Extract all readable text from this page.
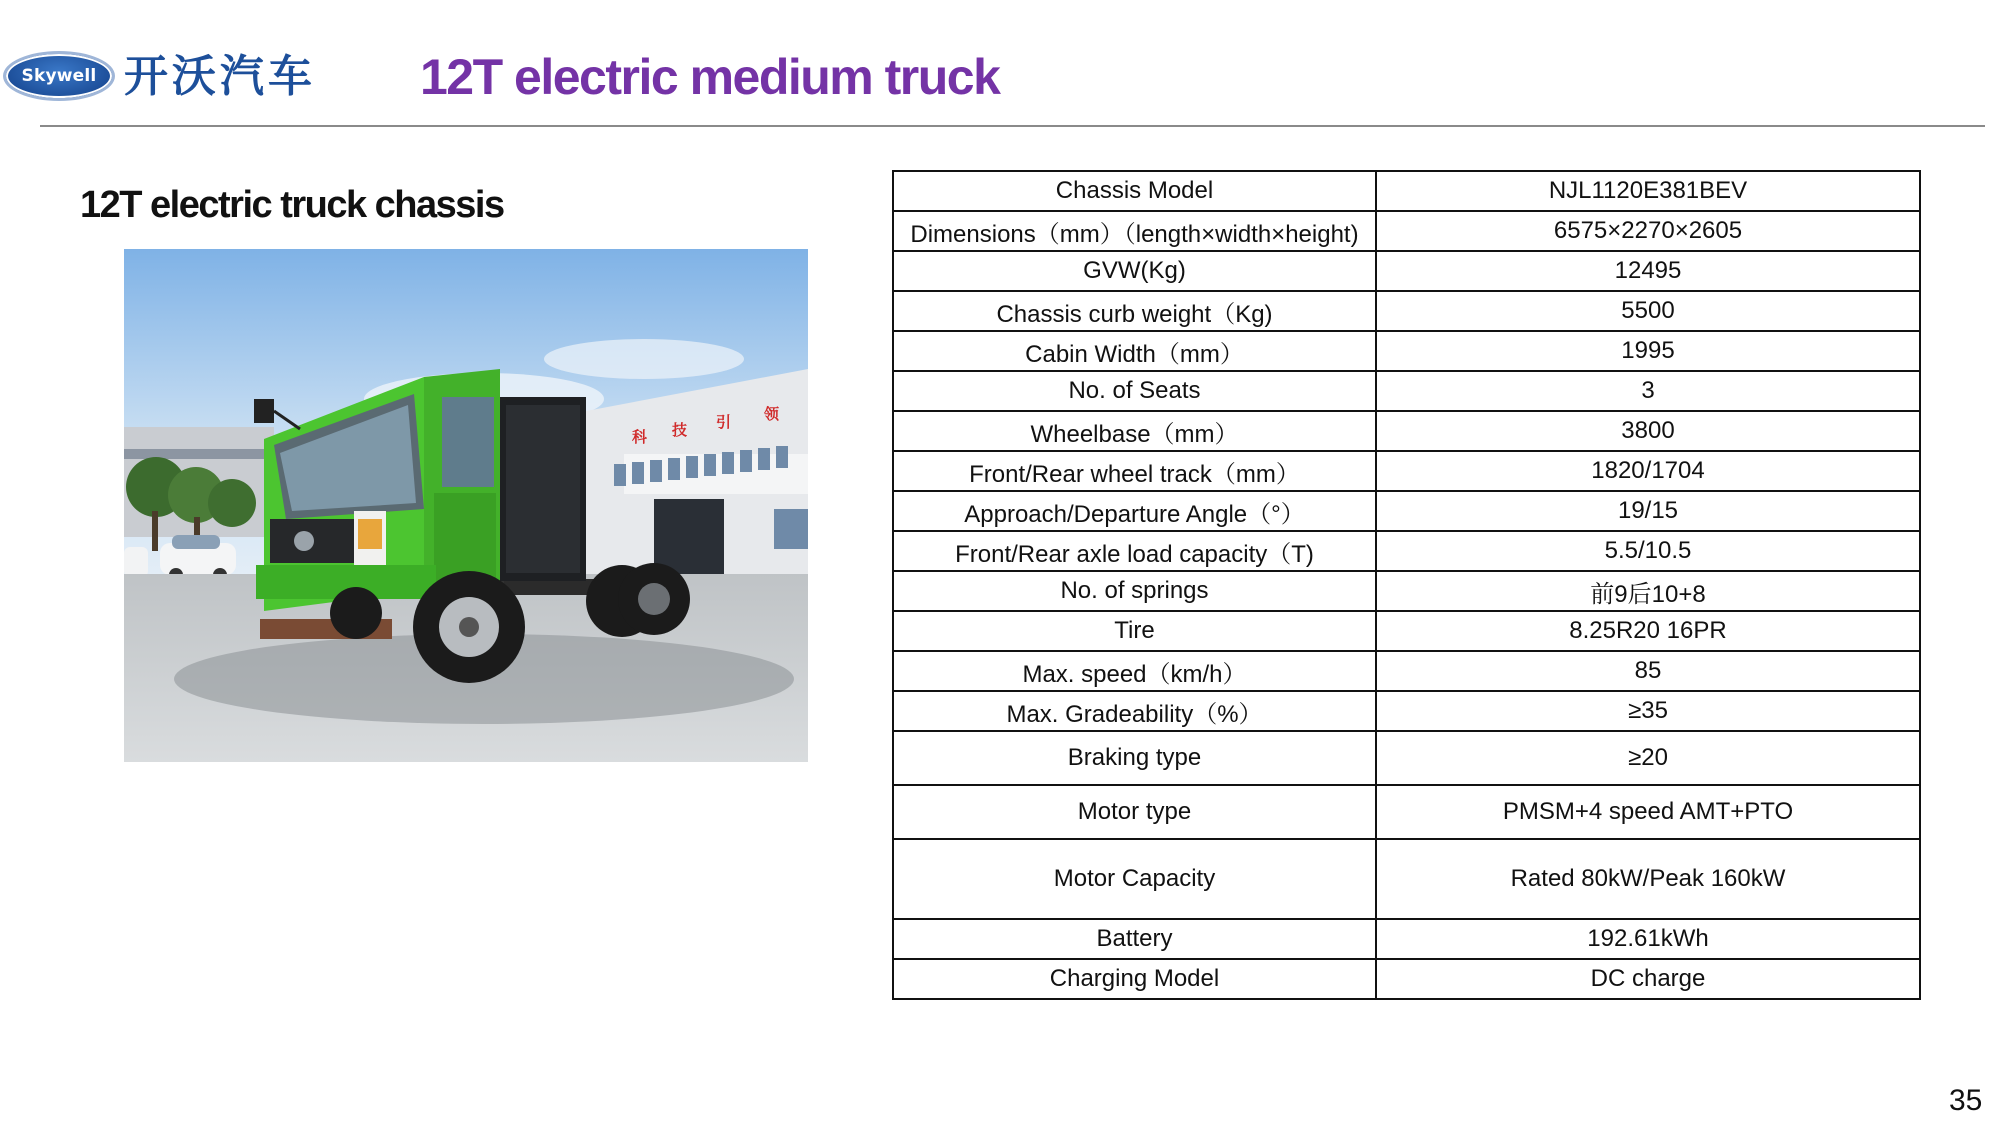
Skywell 开沃汽车 12T electric medium truck
12T electric truck chassis
科 技 引 领
Chassis Model	NJL1120E381BEV
Dimensions（mm）（length×width×height)	6575×2270×2605
GVW(Kg)	12495
Chassis curb weight（Kg)	5500
Cabin Width（mm）	1995
No. of Seats	3
Wheelbase（mm）	3800
Front/Rear wheel track（mm）	1820/1704
Approach/Departure Angle（°）	19/15
Front/Rear axle load capacity（T)	5.5/10.5
No. of springs	前9后10+8
Tire	8.25R20 16PR
Max. speed（km/h）	85
Max. Gradeability（%）	≥35
Braking type	≥20
Motor type	PMSM+4 speed AMT+PTO
Motor Capacity	Rated 80kW/Peak 160kW
Battery	192.61kWh
Charging Model	DC charge
35
